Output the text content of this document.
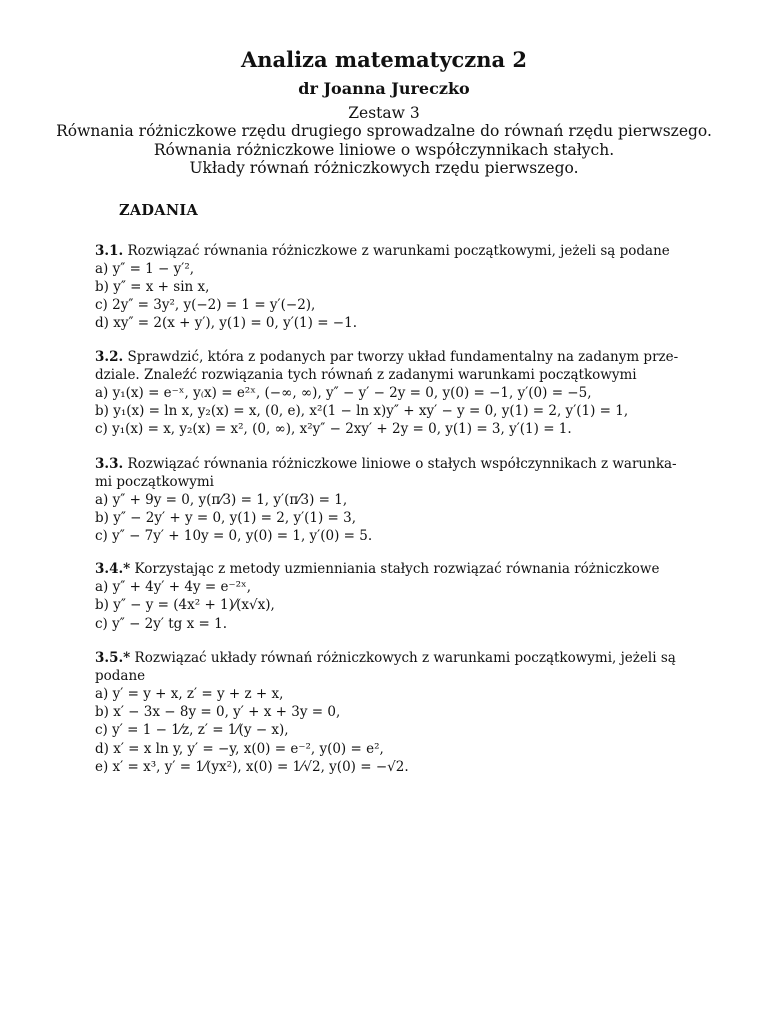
Analiza matematyczna 2
dr Joanna Jureczko
Zestaw 3
Równania różniczkowe rzędu drugiego sprowadzalne do równań rzędu pierwszego.
Równania różniczkowe liniowe o współczynnikach stałych.
Układy równań różniczkowych rzędu pierwszego.
ZADANIA
3.1. Rozwiązać równania różniczkowe z warunkami początkowymi, jeżeli są podane
a) y″ = 1 − y′²,
b) y″ = x + sin x,
c) 2y″ = 3y², y(−2) = 1 = y′(−2),
d) xy″ = 2(x + y′), y(1) = 0, y′(1) = −1.
3.2. Sprawdzić, która z podanych par tworzy układ fundamentalny na zadanym prze-
dziale. Znaleźć rozwiązania tych równań z zadanymi warunkami początkowymi
a) y₁(x) = e⁻ˣ, y₍x) = e²ˣ, (−∞, ∞), y″ − y′ − 2y = 0, y(0) = −1, y′(0) = −5,
b) y₁(x) = ln x, y₂(x) = x, (0, e), x²(1 − ln x)y″ + xy′ − y = 0, y(1) = 2, y′(1) = 1,
c) y₁(x) = x, y₂(x) = x², (0, ∞), x²y″ − 2xy′ + 2y = 0, y(1) = 3, y′(1) = 1.
3.3. Rozwiązać równania różniczkowe liniowe o stałych współczynnikach z warunka-
mi początkowymi
a) y″ + 9y = 0, y(π⁄3) = 1, y′(π⁄3) = 1,
b) y″ − 2y′ + y = 0, y(1) = 2, y′(1) = 3,
c) y″ − 7y′ + 10y = 0, y(0) = 1, y′(0) = 5.
3.4.* Korzystając z metody uzmienniania stałych rozwiązać równania różniczkowe
a) y″ + 4y′ + 4y = e⁻²ˣ,
b) y″ − y = (4x² + 1)⁄(x√x),
c) y″ − 2y′ tg x = 1.
3.5.* Rozwiązać układy równań różniczkowych z warunkami początkowymi, jeżeli są
podane
a) y′ = y + x, z′ = y + z + x,
b) x′ − 3x − 8y = 0, y′ + x + 3y = 0,
c) y′ = 1 − 1⁄z, z′ = 1⁄(y − x),
d) x′ = x ln y, y′ = −y, x(0) = e⁻², y(0) = e²,
e) x′ = x³, y′ = 1⁄(yx²), x(0) = 1⁄√2, y(0) = −√2.
